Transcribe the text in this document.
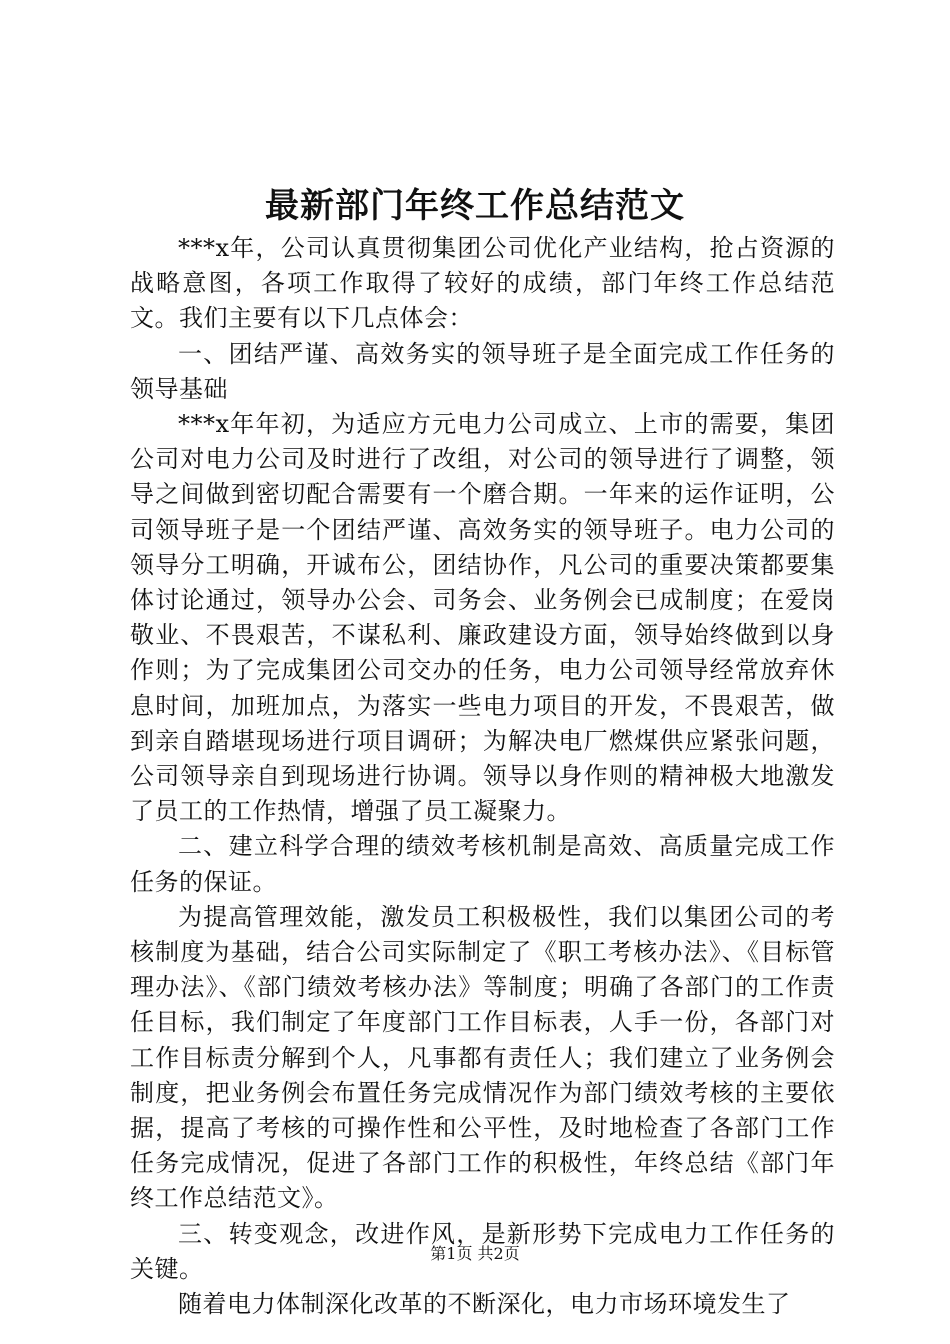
最新部门年终工作总结范文

***x年，公司认真贯彻集团公司优化产业结构，抢占资源的战略意图，各项工作取得了较好的成绩，部门年终工作总结范文。我们主要有以下几点体会：

一、团结严谨、高效务实的领导班子是全面完成工作任务的领导基础

***x年年初，为适应方元电力公司成立、上市的需要，集团公司对电力公司及时进行了改组，对公司的领导进行了调整，领导之间做到密切配合需要有一个磨合期。一年来的运作证明，公司领导班子是一个团结严谨、高效务实的领导班子。电力公司的领导分工明确，开诚布公，团结协作，凡公司的重要决策都要集体讨论通过，领导办公会、司务会、业务例会已成制度；在爱岗敬业、不畏艰苦，不谋私利、廉政建设方面，领导始终做到以身作则；为了完成集团公司交办的任务，电力公司领导经常放弃休息时间，加班加点，为落实一些电力项目的开发，不畏艰苦，做到亲自踏堪现场进行项目调研；为解决电厂燃煤供应紧张问题，公司领导亲自到现场进行协调。领导以身作则的精神极大地激发了员工的工作热情，增强了员工凝聚力。

二、建立科学合理的绩效考核机制是高效、高质量完成工作任务的保证。

为提高管理效能，激发员工积极极性，我们以集团公司的考核制度为基础，结合公司实际制定了《职工考核办法》、《目标管理办法》、《部门绩效考核办法》等制度；明确了各部门的工作责任目标，我们制定了年度部门工作目标表，人手一份，各部门对工作目标责分解到个人，凡事都有责任人；我们建立了业务例会制度，把业务例会布置任务完成情况作为部门绩效考核的主要依据，提高了考核的可操作性和公平性，及时地检查了各部门工作任务完成情况，促进了各部门工作的积极性，年终总结《部门年终工作总结范文》。

三、转变观念，改进作风，是新形势下完成电力工作任务的关键。

随着电力体制深化改革的不断深化，电力市场环境发生了

第1页 共2页
